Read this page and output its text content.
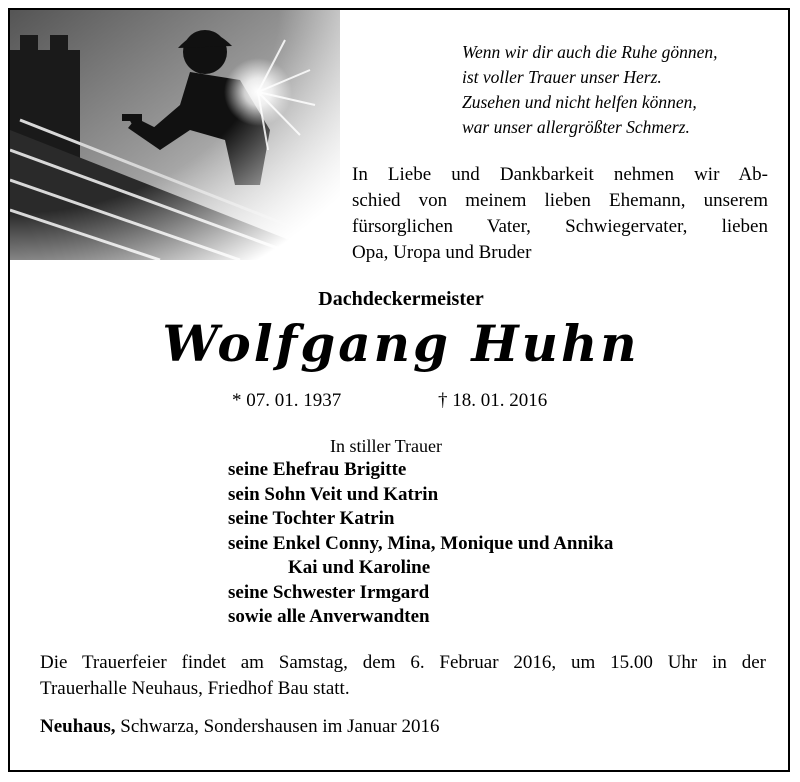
Wenn wir dir auch die Ruhe gönnen,
ist voller Trauer unser Herz.
Zusehen und nicht helfen können,
war unser allergrößter Schmerz.
In Liebe und Dankbarkeit nehmen wir Ab-
schied von meinem lieben Ehemann, unserem
fürsorglichen Vater, Schwiegervater, lieben
Opa, Uropa und Bruder
Dachdeckermeister
Wolfgang Huhn
* 07. 01. 1937	† 18. 01. 2016
In stiller Trauer
seine Ehefrau Brigitte
sein Sohn Veit und Katrin
seine Tochter Katrin
seine Enkel Conny, Mina, Monique und Annika
Kai und Karoline
seine Schwester Irmgard
sowie alle Anverwandten
Die Trauerfeier findet am Samstag, dem 6. Februar 2016, um 15.00 Uhr in der
Trauerhalle Neuhaus, Friedhof Bau statt.
Neuhaus, Schwarza, Sondershausen im Januar 2016
